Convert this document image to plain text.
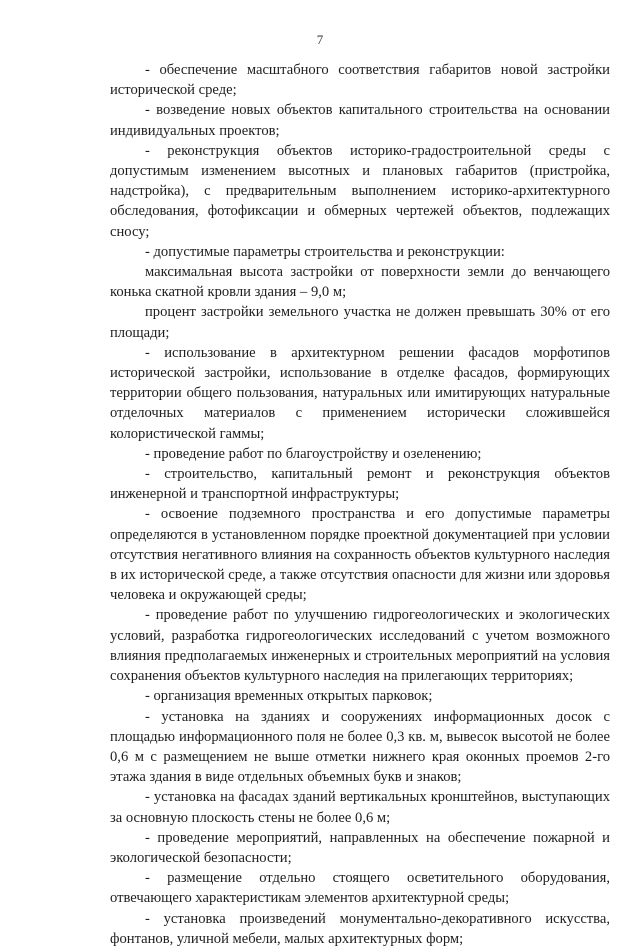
7

- обеспечение масштабного соответствия габаритов новой застройки исторической среде;

- возведение новых объектов капитального строительства на основании индивидуальных проектов;

- реконструкция объектов историко-градостроительной среды с допустимым изменением высотных и плановых габаритов (пристройка, надстройка), с предварительным выполнением историко-архитектурного обследования, фотофиксации и обмерных чертежей объектов, подлежащих сносу;

- допустимые параметры строительства и реконструкции:

максимальная высота застройки от поверхности земли до венчающего конька скатной кровли здания – 9,0 м;

процент застройки земельного участка не должен превышать 30% от его площади;

- использование в архитектурном решении фасадов морфотипов исторической застройки, использование в отделке фасадов, формирующих территории общего пользования, натуральных или имитирующих натуральные отделочных материалов с применением исторически сложившейся колористической гаммы;

- проведение работ по благоустройству и озеленению;

- строительство, капитальный ремонт и реконструкция объектов инженерной и транспортной инфраструктуры;

- освоение подземного пространства и его допустимые параметры определяются в установленном порядке проектной документацией при условии отсутствия негативного влияния на сохранность объектов культурного наследия в их исторической среде, а также отсутствия опасности для жизни или здоровья человека и окружающей среды;

- проведение работ по улучшению гидрогеологических и экологических условий, разработка гидрогеологических исследований с учетом возможного влияния предполагаемых инженерных и строительных мероприятий на условия сохранения объектов культурного наследия на прилегающих территориях;

- организация временных открытых парковок;

- установка на зданиях и сооружениях информационных досок с площадью информационного поля не более 0,3 кв. м, вывесок высотой не более 0,6 м с размещением не выше отметки нижнего края оконных проемов 2-го этажа здания в виде отдельных объемных букв и знаков;

- установка на фасадах зданий вертикальных кронштейнов, выступающих за основную плоскость стены не более 0,6 м;

- проведение мероприятий, направленных на обеспечение пожарной и экологической безопасности;

- размещение отдельно стоящего осветительного оборудования, отвечающего характеристикам элементов архитектурной среды;

- установка произведений монументально-декоративного искусства, фонтанов, уличной мебели, малых архитектурных форм;
